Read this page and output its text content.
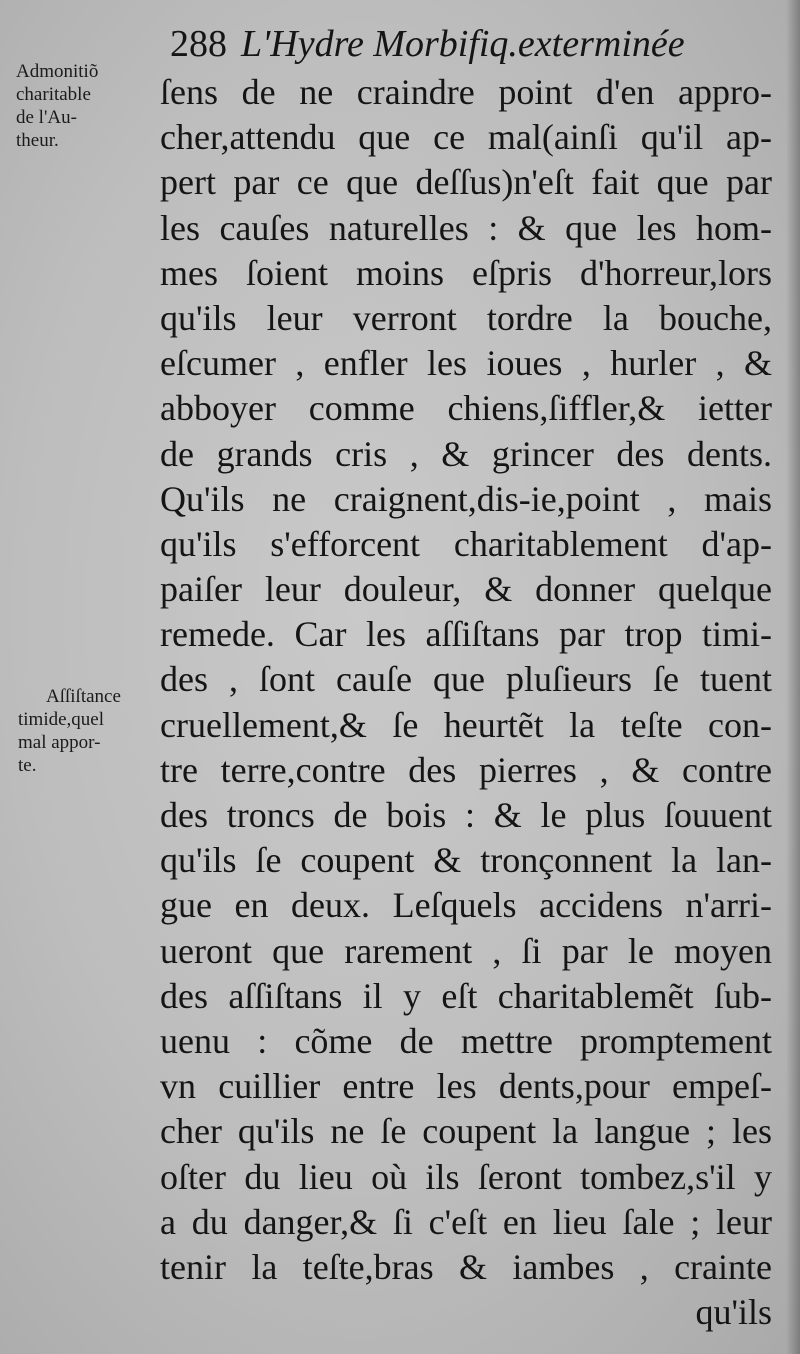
288 L'Hydre Morbifiq.exterminée
Admonitiõ
charitable
de l'Au-
theur.
Aſſiſtance
timide,quel
mal appor-
te.
ſens de ne craindre point d'en appro-
cher,attendu que ce mal(ainſi qu'il ap-
pert par ce que deſſus)n'eſt fait que par
les cauſes naturelles : & que les hom-
mes ſoient moins eſpris d'horreur,lors
qu'ils leur verront tordre la bouche,
eſcumer , enfler les ioues , hurler , &
abboyer comme chiens,ſiffler,& ietter
de grands cris , & grincer des dents.
Qu'ils ne craignent,dis-ie,point , mais
qu'ils s'efforcent charitablement d'ap-
paiſer leur douleur, & donner quelque
remede. Car les aſſiſtans par trop timi-
des , ſont cauſe que pluſieurs ſe tuent
cruellement,& ſe heurtẽt la teſte con-
tre terre,contre des pierres , & contre
des troncs de bois : & le plus ſouuent
qu'ils ſe coupent & tronçonnent la lan-
gue en deux. Leſquels accidens n'arri-
ueront que rarement , ſi par le moyen
des aſſiſtans il y eſt charitablemẽt ſub-
uenu : cõme de mettre promptement
vn cuillier entre les dents,pour empeſ-
cher qu'ils ne ſe coupent la langue ; les
oſter du lieu où ils ſeront tombez,s'il y
a du danger,& ſi c'eſt en lieu ſale ; leur
tenir la teſte,bras & iambes , crainte
qu'ils
